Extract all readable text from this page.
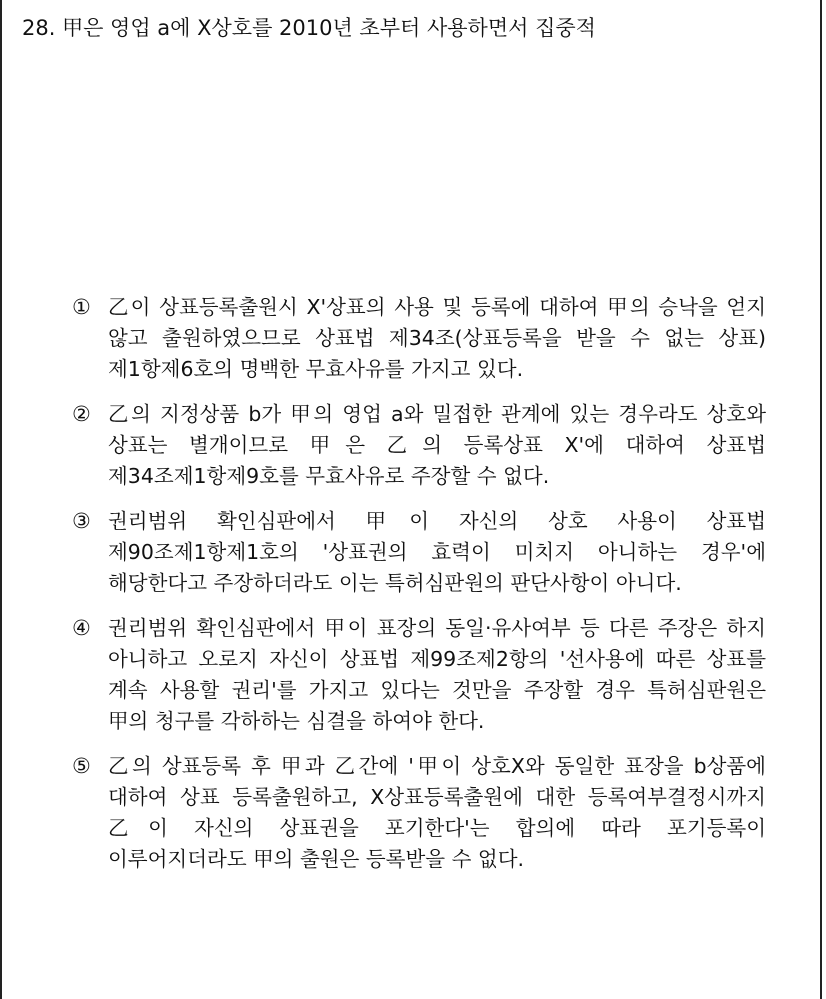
28. 甲은 영업 a에 X상호를 2010년 초부터 사용하면서 집중적

① 乙이 상표등록출원시 X'상표의 사용 및 등록에 대하여 甲의 승낙을 얻지 않고 출원하였으므로 상표법 제34조(상표등록을 받을 수 없는 상표)제1항제6호의 명백한 무효사유를 가지고 있다.

② 乙의 지정상품 b가 甲의 영업 a와 밀접한 관계에 있는 경우라도 상호와 상표는 별개이므로 甲은 乙의 등록상표 X'에 대하여 상표법 제34조제1항제9호를 무효사유로 주장할 수 없다.

③ 권리범위 확인심판에서 甲이 자신의 상호 사용이 상표법 제90조제1항제1호의 '상표권의 효력이 미치지 아니하는 경우'에 해당한다고 주장하더라도 이는 특허심판원의 판단사항이 아니다.

④ 권리범위 확인심판에서 甲이 표장의 동일·유사여부 등 다른 주장은 하지 아니하고 오로지 자신이 상표법 제99조제2항의 '선사용에 따른 상표를 계속 사용할 권리'를 가지고 있다는 것만을 주장할 경우 특허심판원은 甲의 청구를 각하하는 심결을 하여야 한다.

⑤ 乙의 상표등록 후 甲과 乙간에 '甲이 상호X와 동일한 표장을 b상품에 대하여 상표 등록출원하고, X상표등록출원에 대한 등록여부결정시까지 乙이 자신의 상표권을 포기한다'는 합의에 따라 포기등록이 이루어지더라도 甲의 출원은 등록받을 수 없다.
